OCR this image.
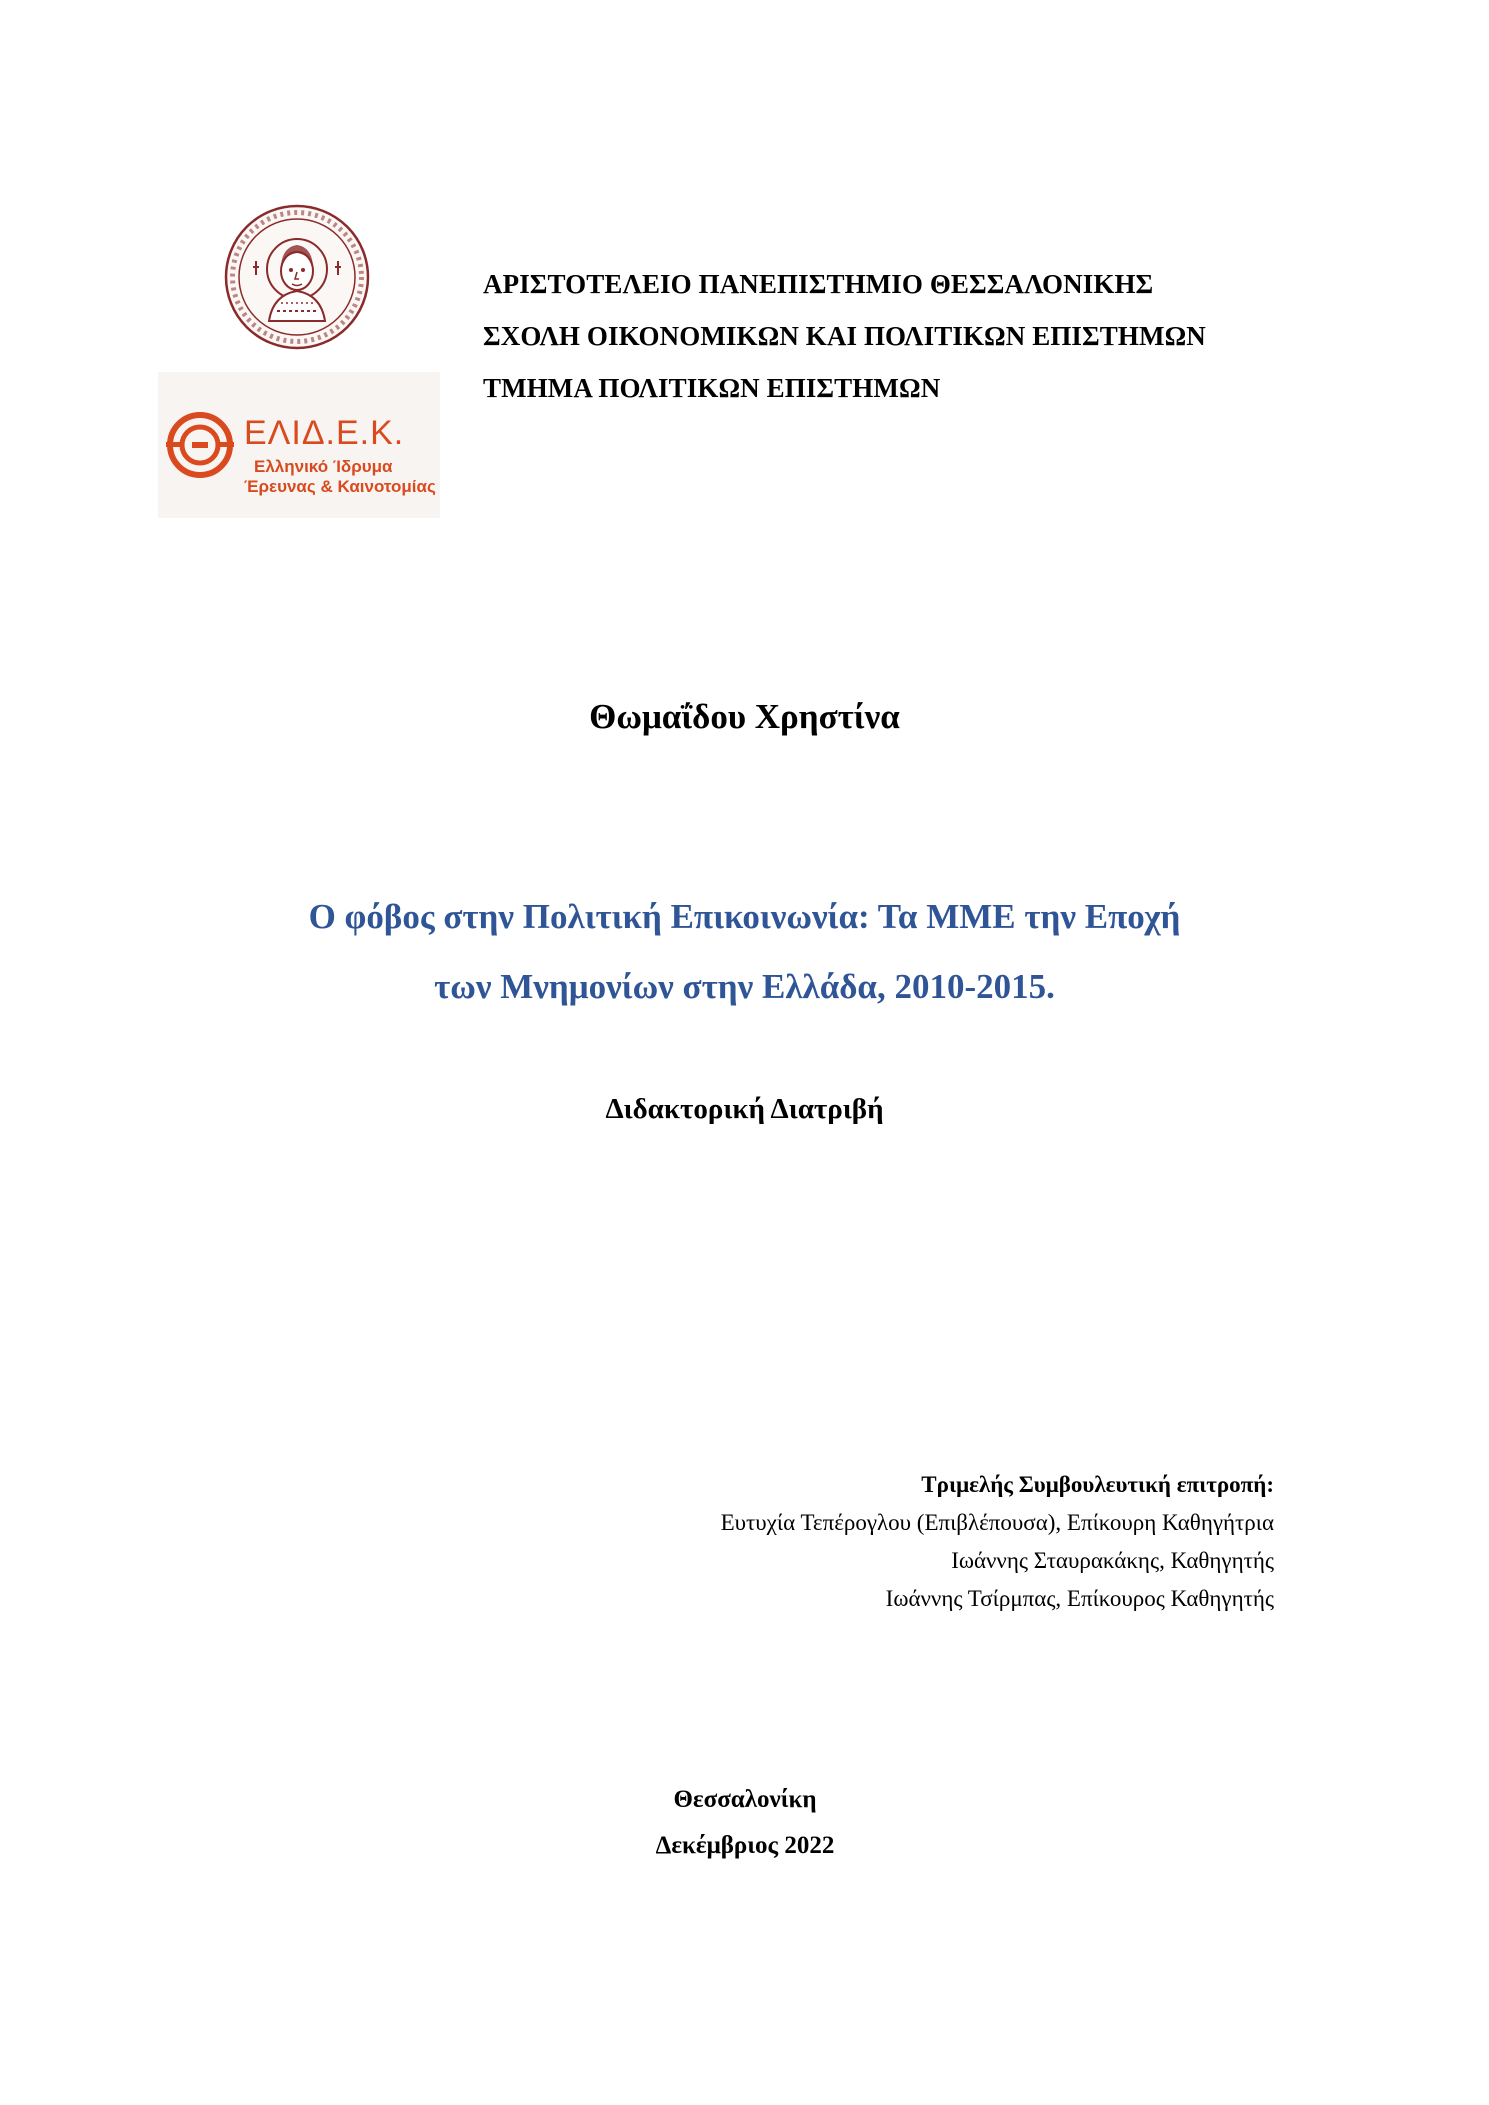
ΕΛΙΔ.Ε.Κ.
Ελληνικό Ίδρυμα
Έρευνας & Καινοτομίας
ΑΡΙΣΤΟΤΕΛΕΙΟ ΠΑΝΕΠΙΣΤΗΜΙΟ ΘΕΣΣΑΛΟΝΙΚΗΣ
ΣΧΟΛΗ ΟΙΚΟΝΟΜΙΚΩΝ ΚΑΙ ΠΟΛΙΤΙΚΩΝ ΕΠΙΣΤΗΜΩΝ
ΤΜΗΜΑ ΠΟΛΙΤΙΚΩΝ ΕΠΙΣΤΗΜΩΝ
Θωμαΐδου Χρηστίνα
Ο φόβος στην Πολιτική Επικοινωνία: Τα ΜΜΕ την Εποχή
των Μνημονίων στην Ελλάδα, 2010-2015.
Διδακτορική Διατριβή
Τριμελής Συμβουλευτική επιτροπή:
Ευτυχία Τεπέρογλου (Επιβλέπουσα), Επίκουρη Καθηγήτρια
Ιωάννης Σταυρακάκης, Καθηγητής
Ιωάννης Τσίρμπας, Επίκουρος Καθηγητής
Θεσσαλονίκη
Δεκέμβριος 2022
